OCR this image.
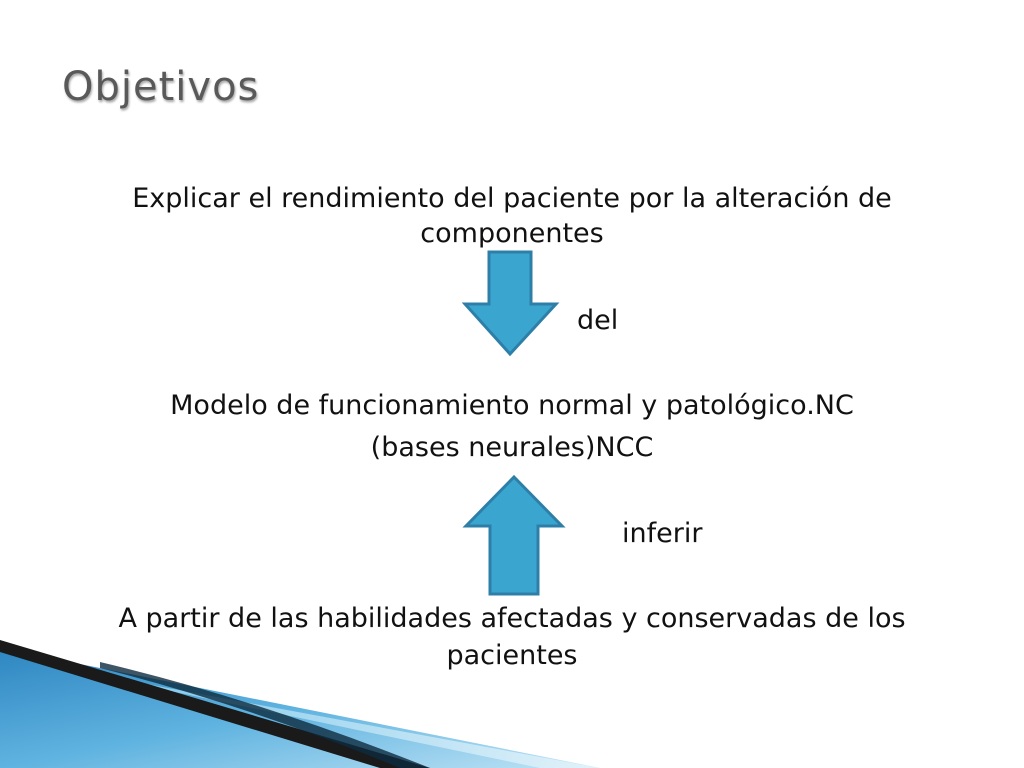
Objetivos
Explicar el rendimiento del paciente por la alteración de
componentes
del
Modelo de funcionamiento normal y patológico.NC
(bases neurales)NCC
inferir
A partir de las habilidades afectadas y conservadas de los
pacientes
